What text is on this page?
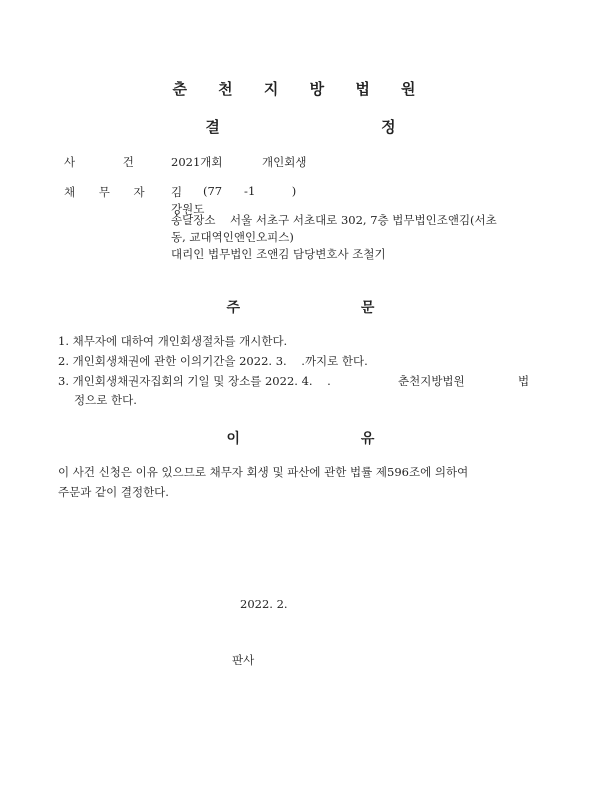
춘 천 지 방 법 원
결 정
사 건	2021개회	개인회생
채 무 자 김 (77      -1          )
강원도
송달장소 서울 서초구 서초대로 302, 7층 법무법인조앤김(서초
동, 교대역인앤인오피스)
대리인 법무법인 조앤김 담당변호사 조철기
주 문
1. 채무자에 대하여 개인회생절차를 개시한다.
2. 개인회생채권에 관한 이의기간을 2022. 3.    .까지로 한다.
3. 개인회생채권자집회의 기일 및 장소를 2022. 4.    .	춘천지방법원	법
정으로 한다.
이 유
이 사건 신청은 이유 있으므로 채무자 회생 및 파산에 관한 법률 제596조에 의하여
주문과 같이 결정한다.
2022. 2.
판사
